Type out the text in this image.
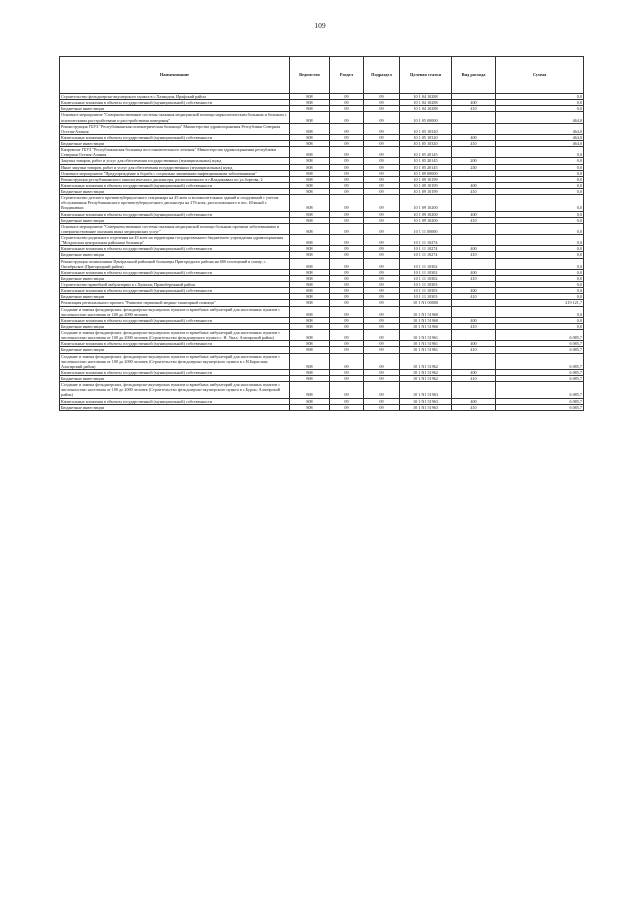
109
Наименование	Ведомство	Раздел	Подраздел	Целевая статья	Вид расхода	Сумма
Строительство фельдшерско-акушерского пункта в с.Хазнидон, Ирафский район	808	09	09	10 1 04 10288		0,0
Капитальные вложения в объекты государственной (муниципальной) собственности	808	09	09	10 1 04 10288	400	0,0
Бюджетные инвестиции	808	09	09	10 1 04 10288	410	0,0
Основное мероприятие "Совершенствование системы оказания медицинской помощи наркологическим больным и больным с психическими расстройствами и расстройствами поведения"	808	09	09	10 1 05 00000		464,0
Реконструкция ГБУЗ "Республиканская психиатрическая больница" Министерства здравоохранения Республики Северная Осетия-Алания	808	09	09	10 1 05 10320		464,0
Капитальные вложения в объекты государственной (муниципальной) собственности	808	09	09	10 1 05 10320	400	464,0
Бюджетные инвестиции	808	09	09	10 1 05 10320	410	464,0
Капремонт ГБУЗ "Республиканская больница восстановительного лечения" Министерства здравоохранения республики Северная Осетия-Алания	808	09	09	10 1 05 20145		0,0
Закупка товаров, работ и услуг для обеспечения государственных (муниципальных) нужд	808	09	09	10 1 05 20145	200	0,0
Иные закупки товаров, работ и услуг для обеспечения государственных (муниципальных) нужд	808	09	09	10 1 05 20145	240	0,0
Основное мероприятие "Предупреждение и борьба с социально значимыми инфекционными заболеваниями"	808	09	09	10 1 09 00000		0,0
Реконструкция республиканского онкологического диспансера, расположенного в г.Владикавказ по ул.Зортова, 2	808	09	09	10 1 09 10199		0,0
Капитальные вложения в объекты государственной (муниципальной) собственности	808	09	09	10 1 09 10199	400	0,0
Бюджетные инвестиции	808	09	09	10 1 09 10199	410	0,0
Строительство детского противотуберкулезного стационара на 45 коек и вспомогательных зданий и сооружений с учетом обслуживания Республиканского противотуберкулезного диспансера на 276 коек, расположенного в пос. Южный г. Владикавказ	808	09	09	10 1 09 10200		0,0
Капитальные вложения в объекты государственной (муниципальной) собственности	808	09	09	10 1 09 10200	400	0,0
Бюджетные инвестиции	808	09	09	10 1 09 10200	410	0,0
Основное мероприятие "Совершенствование системы оказания медицинской помощи больным прочими заболеваниями и совершенствование оказания иных медицинских услуг"	808	09	09	10 1 11 00000		0,0
Строительство родильного отделения на 45 коек на территории государственного бюджетного учреждения здравоохранения "Моздокская центральная районная больница"	808	09	09	10 1 11 10274		0,0
Капитальные вложения в объекты государственной (муниципальной) собственности	808	09	09	10 1 11 10274	400	0,0
Бюджетные инвестиции	808	09	09	10 1 11 10274	410	0,0
Реконструкция поликлиники Центральной районной больницы Пригородного района на 600 посещений в смену, с. Октябрьское (Пригородный район)	808	09	09	10 1 11 10302		0,0
Капитальные вложения в объекты государственной (муниципальной) собственности	808	09	09	10 1 11 10302	400	0,0
Бюджетные инвестиции	808	09	09	10 1 11 10302	410	0,0
Строительство врачебной амбулатории в с.Хумалаг, Правобережный район	808	09	09	10 1 11 10303		0,0
Капитальные вложения в объекты государственной (муниципальной) собственности	808	09	09	10 1 11 10303	400	0,0
Бюджетные инвестиции	808	09	09	10 1 11 10303	410	0,0
Реализация регионального проекта "Развитие первичной медико-санитарной помощи"	808	09	09	10 1 N1 00000		219 121,7
Создание и замена фельдшерских, фельдшерско-акушерских пунктов и врачебных амбулаторий для населенных пунктов с численностью населения от 100 до 2000 человек	808	09	09	10 1 N1 51960		0,0
Капитальные вложения в объекты государственной (муниципальной) собственности	808	09	09	10 1 N1 51960	400	0,0
Бюджетные инвестиции	808	09	09	10 1 N1 51960	410	0,0
Создание и замена фельдшерских, фельдшерско-акушерских пунктов и врачебных амбулаторий для населенных пунктов с численностью населения от 100 до 2000 человек (Строительство фельдшерского пункта с. Н. Унал, Алагирский район)	808	09	09	10 1 N1 51961		6 085,7
Капитальные вложения в объекты государственной (муниципальной) собственности	808	09	09	10 1 N1 51961	400	6 085,7
Бюджетные инвестиции	808	09	09	10 1 N1 51961	410	6 085,7
Создание и замена фельдшерских, фельдшерско-акушерских пунктов и врачебных амбулаторий для населенных пунктов с численностью населения от 100 до 2000 человек (Строительство фельдшерско-акушерского пункта в с.Н.Бирагзанг, Алагирский район)	808	09	09	10 1 N1 51962		6 085,7
Капитальные вложения в объекты государственной (муниципальной) собственности	808	09	09	10 1 N1 51962	400	6 085,7
Бюджетные инвестиции	808	09	09	10 1 N1 51962	410	6 085,7
Создание и замена фельдшерских, фельдшерско-акушерских пунктов и врачебных амбулаторий для населенных пунктов с численностью населения от 100 до 2000 человек (Строительство фельдшерско-акушерского пункта в с.Бурон, Алагирский район)	808	09	09	10 1 N1 51963		6 085,7
Капитальные вложения в объекты государственной (муниципальной) собственности	808	09	09	10 1 N1 51963	400	6 085,7
Бюджетные инвестиции	808	09	09	10 1 N1 51963	410	6 085,7
